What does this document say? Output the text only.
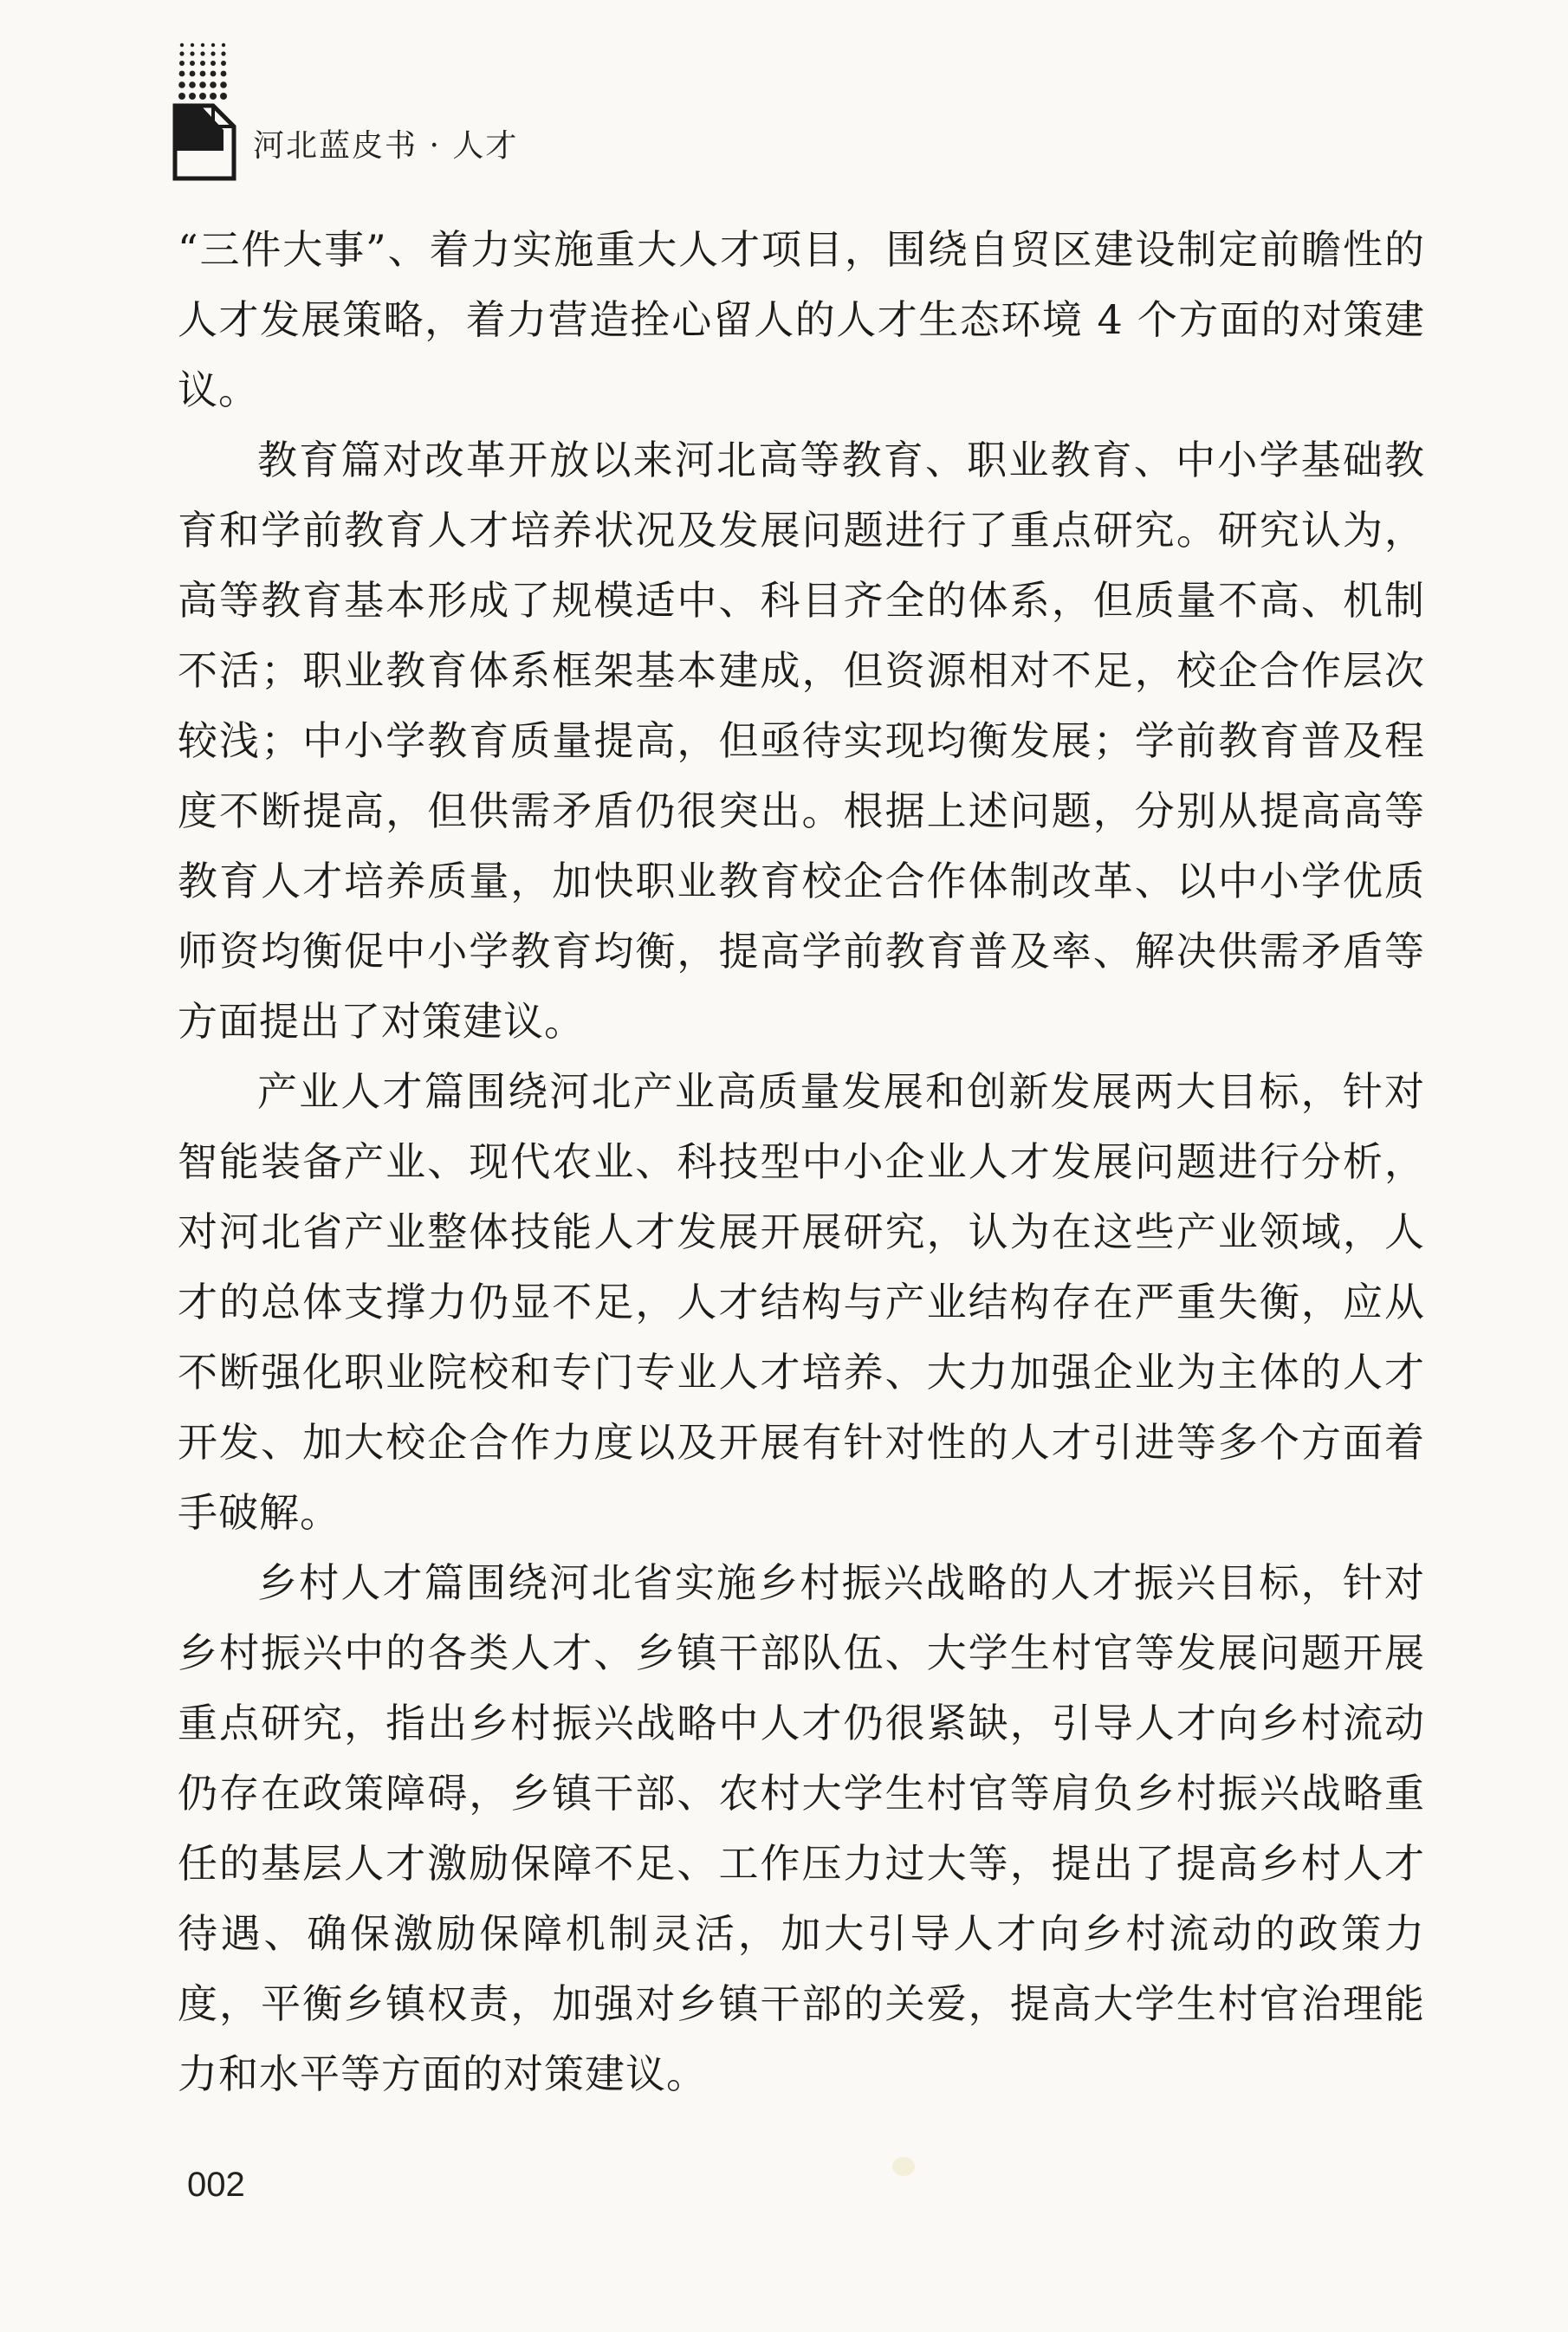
河北蓝皮书 · 人才

“三件大事”、着力实施重大人才项目，围绕自贸区建设制定前瞻性的人才发展策略，着力营造拴心留人的人才生态环境 4 个方面的对策建议。

教育篇对改革开放以来河北高等教育、职业教育、中小学基础教育和学前教育人才培养状况及发展问题进行了重点研究。研究认为，高等教育基本形成了规模适中、科目齐全的体系，但质量不高、机制不活；职业教育体系框架基本建成，但资源相对不足，校企合作层次较浅；中小学教育质量提高，但亟待实现均衡发展；学前教育普及程度不断提高，但供需矛盾仍很突出。根据上述问题，分别从提高高等教育人才培养质量，加快职业教育校企合作体制改革、以中小学优质师资均衡促中小学教育均衡，提高学前教育普及率、解决供需矛盾等方面提出了对策建议。

产业人才篇围绕河北产业高质量发展和创新发展两大目标，针对智能装备产业、现代农业、科技型中小企业人才发展问题进行分析，对河北省产业整体技能人才发展开展研究，认为在这些产业领域，人才的总体支撑力仍显不足，人才结构与产业结构存在严重失衡，应从不断强化职业院校和专门专业人才培养、大力加强企业为主体的人才开发、加大校企合作力度以及开展有针对性的人才引进等多个方面着手破解。

乡村人才篇围绕河北省实施乡村振兴战略的人才振兴目标，针对乡村振兴中的各类人才、乡镇干部队伍、大学生村官等发展问题开展重点研究，指出乡村振兴战略中人才仍很紧缺，引导人才向乡村流动仍存在政策障碍，乡镇干部、农村大学生村官等肩负乡村振兴战略重任的基层人才激励保障不足、工作压力过大等，提出了提高乡村人才待遇、确保激励保障机制灵活，加大引导人才向乡村流动的政策力度，平衡乡镇权责，加强对乡镇干部的关爱，提高大学生村官治理能力和水平等方面的对策建议。

002
